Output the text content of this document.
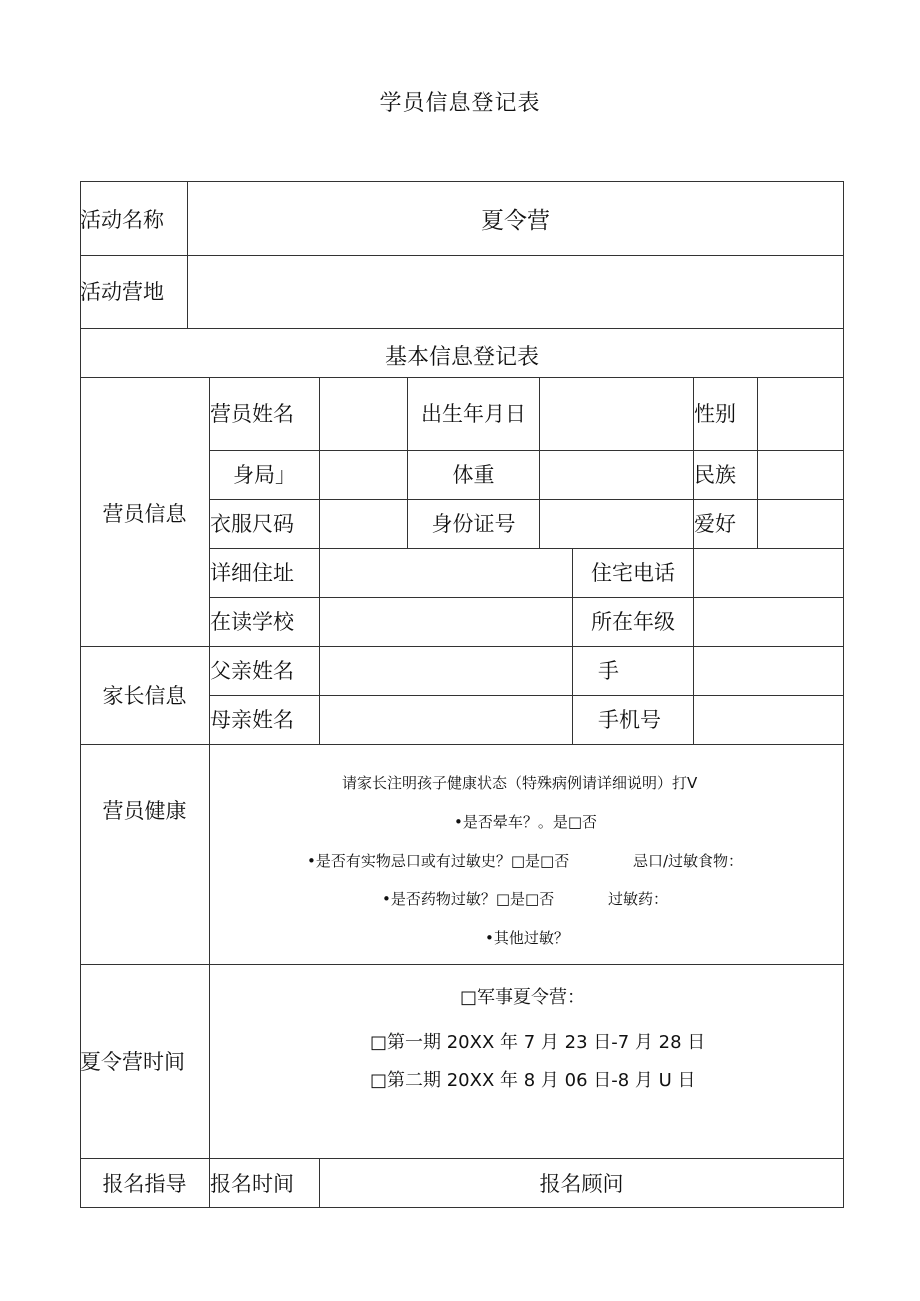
学员信息登记表
活动名称	夏令营
活动营地
基本信息登记表
营员信息
营员姓名	出生年月日	性别
身局」	体重	民族
衣服尺码	身份证号	爱好
详细住址	住宅电话
在读学校	所在年级
家长信息
父亲姓名	手
母亲姓名	手机号
营员健康
请家长注明孩子健康状态（特殊病例请详细说明）打V
•是否晕车？。是□否
•是否有实物忌口或有过敏史？□是□否	忌口/过敏食物：
•是否药物过敏？□是□否	过敏药：
•其他过敏？
夏令营时间
□军事夏令营：
□第一期 20XX 年 7 月 23 日-7 月 28 日
□第二期 20XX 年 8 月 06 日-8 月 U 日
报名指导	报名时间	报名顾问
